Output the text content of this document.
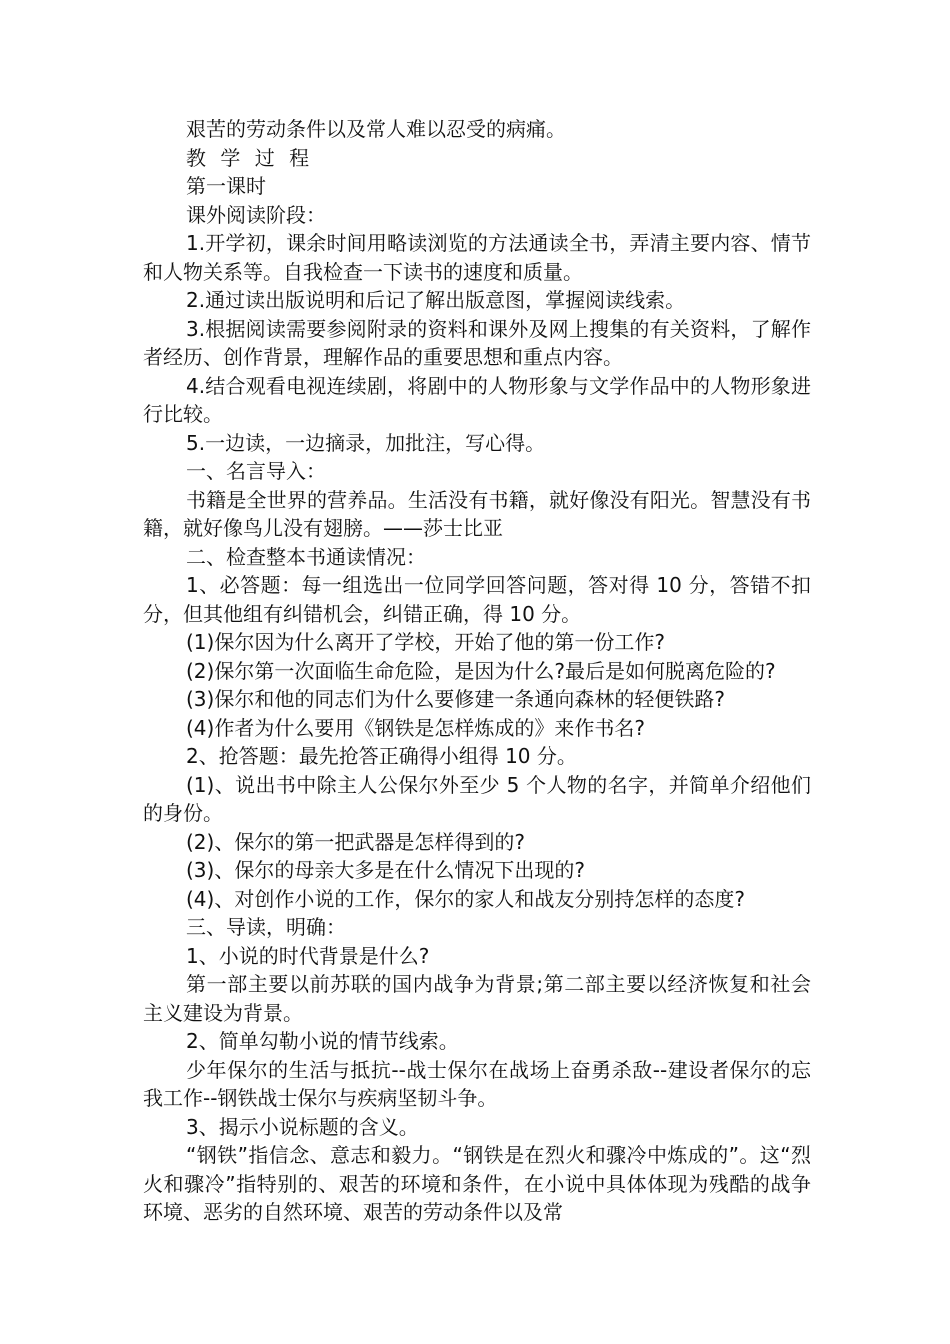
艰苦的劳动条件以及常人难以忍受的病痛。

教 学 过 程

第一课时

课外阅读阶段：

1.开学初，课余时间用略读浏览的方法通读全书，弄清主要内容、情节和人物关系等。自我检查一下读书的速度和质量。

2.通过读出版说明和后记了解出版意图，掌握阅读线索。

3.根据阅读需要参阅附录的资料和课外及网上搜集的有关资料，了解作者经历、创作背景，理解作品的重要思想和重点内容。

4.结合观看电视连续剧，将剧中的人物形象与文学作品中的人物形象进行比较。

5.一边读，一边摘录，加批注，写心得。

一、名言导入：

书籍是全世界的营养品。生活没有书籍，就好像没有阳光。智慧没有书籍，就好像鸟儿没有翅膀。——莎士比亚

二、检查整本书通读情况：

1、必答题：每一组选出一位同学回答问题，答对得 10 分，答错不扣分，但其他组有纠错机会，纠错正确，得 10 分。

(1)保尔因为什么离开了学校，开始了他的第一份工作?

(2)保尔第一次面临生命危险，是因为什么?最后是如何脱离危险的?

(3)保尔和他的同志们为什么要修建一条通向森林的轻便铁路?

(4)作者为什么要用《钢铁是怎样炼成的》来作书名?

2、抢答题：最先抢答正确得小组得 10 分。

(1)、说出书中除主人公保尔外至少 5 个人物的名字，并简单介绍他们的身份。

(2)、保尔的第一把武器是怎样得到的?

(3)、保尔的母亲大多是在什么情况下出现的?

(4)、对创作小说的工作，保尔的家人和战友分别持怎样的态度?

三、导读，明确：

1、小说的时代背景是什么?

第一部主要以前苏联的国内战争为背景;第二部主要以经济恢复和社会主义建设为背景。

2、简单勾勒小说的情节线索。

少年保尔的生活与抵抗--战士保尔在战场上奋勇杀敌--建设者保尔的忘我工作--钢铁战士保尔与疾病坚韧斗争。

3、揭示小说标题的含义。

“钢铁”指信念、意志和毅力。“钢铁是在烈火和骤冷中炼成的”。这“烈火和骤冷”指特别的、艰苦的环境和条件，在小说中具体体现为残酷的战争环境、恶劣的自然环境、艰苦的劳动条件以及常
